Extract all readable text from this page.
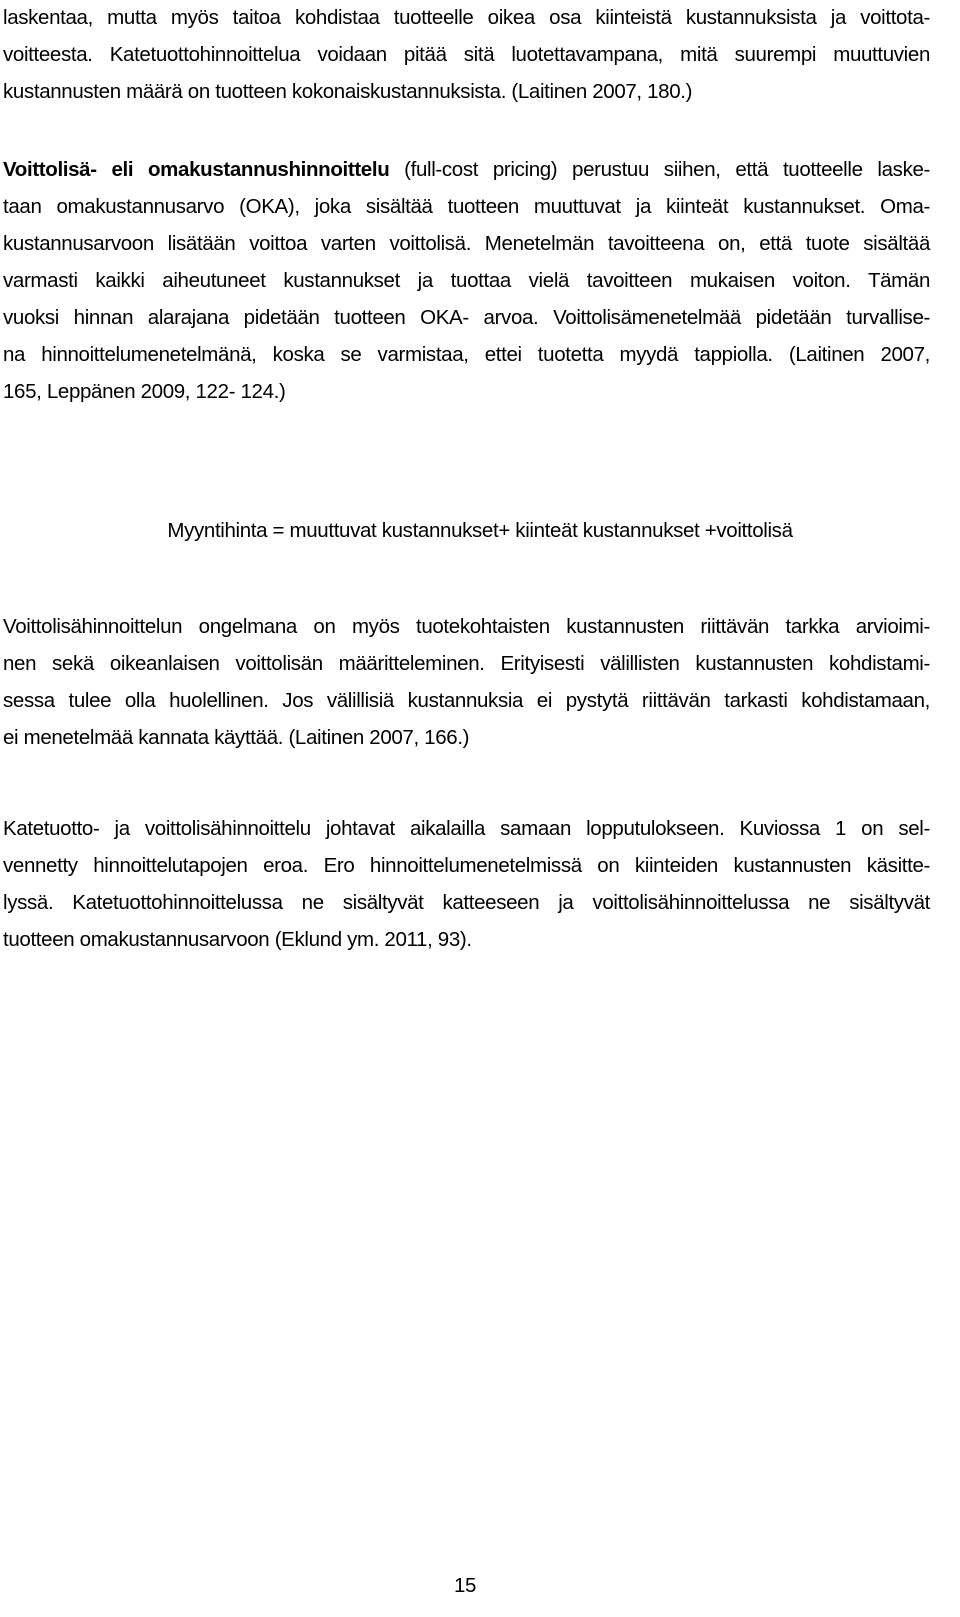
laskentaa, mutta myös taitoa kohdistaa tuotteelle oikea osa kiinteistä kustannuksista ja voittota-
voitteesta. Katetuottohinnoittelua voidaan pitää sitä luotettavampana, mitä suurempi muuttuvien
kustannusten määrä on tuotteen kokonaiskustannuksista. (Laitinen 2007, 180.)
Voittolisä- eli omakustannushinnoittelu (full-cost pricing) perustuu siihen, että tuotteelle laske-
taan omakustannusarvo (OKA), joka sisältää tuotteen muuttuvat ja kiinteät kustannukset. Oma-
kustannusarvoon lisätään voittoa varten voittolisä. Menetelmän tavoitteena on, että tuote sisältää
varmasti kaikki aiheutuneet kustannukset ja tuottaa vielä tavoitteen mukaisen voiton. Tämän
vuoksi hinnan alarajana pidetään tuotteen OKA- arvoa. Voittolisämenetelmää pidetään turvallise-
na hinnoittelumenetelmänä, koska se varmistaa, ettei tuotetta myydä tappiolla. (Laitinen 2007,
165, Leppänen 2009, 122- 124.)
Myyntihinta = muuttuvat kustannukset+ kiinteät kustannukset +voittolisä
Voittolisähinnoittelun ongelmana on myös tuotekohtaisten kustannusten riittävän tarkka arvioimi-
nen sekä oikeanlaisen voittolisän määritteleminen. Erityisesti välillisten kustannusten kohdistami-
sessa tulee olla huolellinen. Jos välillisiä kustannuksia ei pystytä riittävän tarkasti kohdistamaan,
ei menetelmää kannata käyttää. (Laitinen 2007, 166.)
Katetuotto- ja voittolisähinnoittelu johtavat aikalailla samaan lopputulokseen. Kuviossa 1 on sel-
vennetty hinnoittelutapojen eroa. Ero hinnoittelumenetelmissä on kiinteiden kustannusten käsitte-
lyssä. Katetuottohinnoittelussa ne sisältyvät katteeseen ja voittolisähinnoittelussa ne sisältyvät
tuotteen omakustannusarvoon (Eklund ym. 2011, 93).
15
